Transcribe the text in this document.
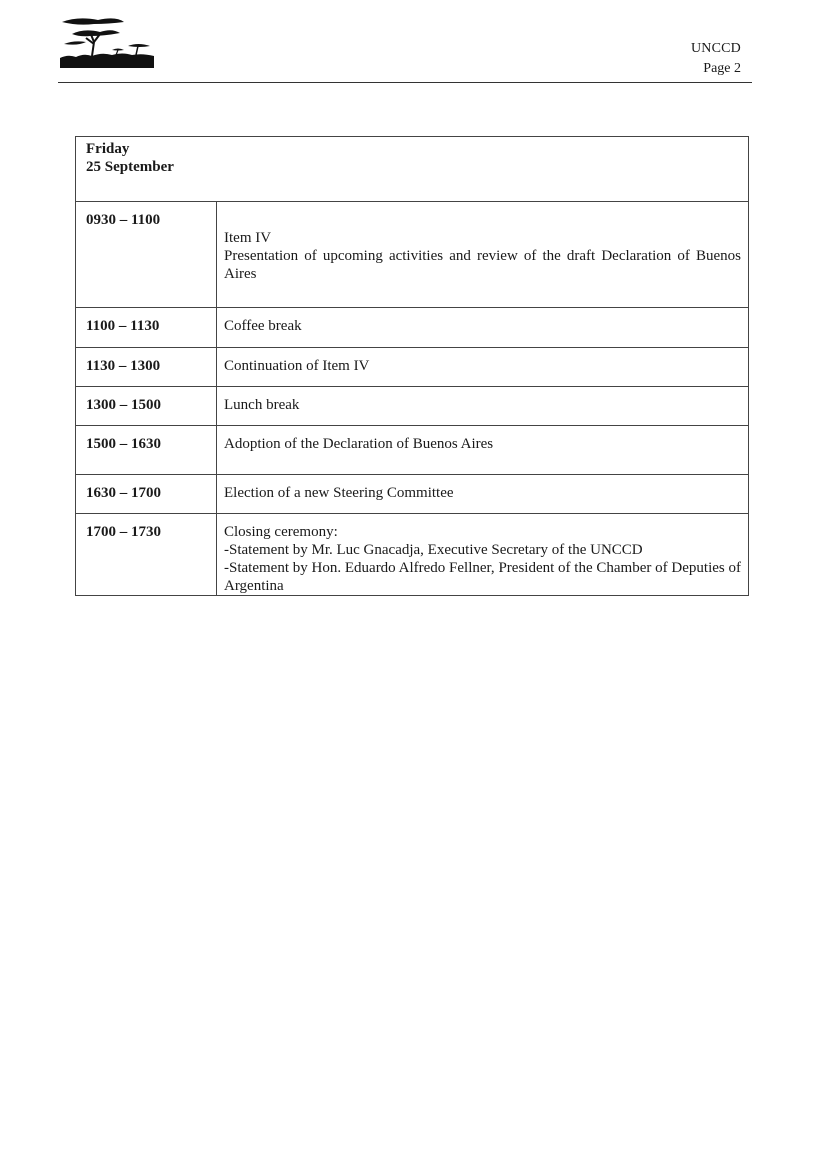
UNCCD
Page 2
Friday
25 September	

0930 – 1100	Item IV

Presentation of upcoming activities and review of the draft Declaration of Buenos Aires

1100 – 1130	Coffee break

1130 – 1300	Continuation of Item IV

1300 – 1500	Lunch break

1500 – 1630	Adoption of the Declaration of Buenos Aires

1630 – 1700	Election of a new Steering Committee

1700 – 1730	Closing ceremony:

-Statement by Mr. Luc Gnacadja, Executive Secretary of the UNCCD

-Statement by Hon. Eduardo Alfredo Fellner, President of the Chamber of Deputies of Argentina
